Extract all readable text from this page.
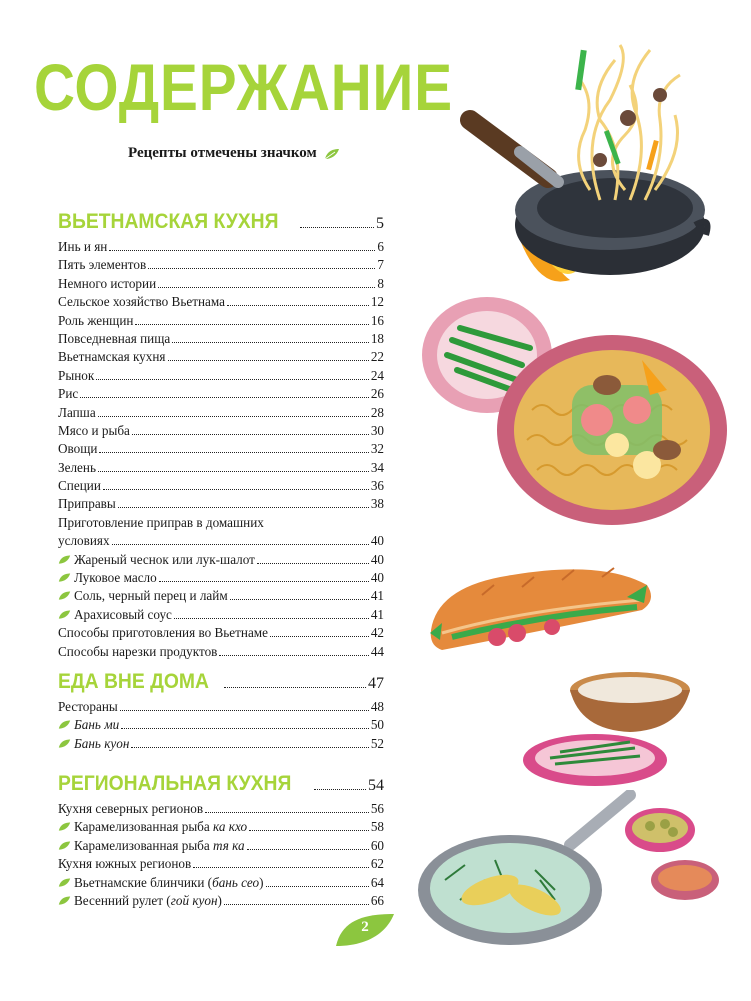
СОДЕРЖАНИЕ
Рецепты отмечены значком
ВЬЕТНАМСКАЯ КУХНЯ	5
Инь и ян	6
Пять элементов	7
Немного истории	8
Сельское хозяйство Вьетнама	12
Роль женщин	16
Повседневная пища	18
Вьетнамская кухня	22
Рынок	24
Рис	26
Лапша	28
Мясо и рыба	30
Овощи	32
Зелень	34
Специи	36
Приправы	38
Приготовление приправ в домашних
условиях	40
Жареный чеснок или лук-шалот	40
Луковое масло	40
Соль, черный перец и лайм	41
Арахисовый соус	41
Способы приготовления во Вьетнаме	42
Способы нарезки продуктов	44
ЕДА ВНЕ ДОМА	47
Рестораны	48
Бань ми	50
Бань куон	52
РЕГИОНАЛЬНАЯ КУХНЯ	54
Кухня северных регионов	56
Карамелизованная рыба ка кхо	58
Карамелизованная рыба тя ка	60
Кухня южных регионов	62
Вьетнамские блинчики (бань сео)	64
Весенний рулет (гой куон)	66
2
